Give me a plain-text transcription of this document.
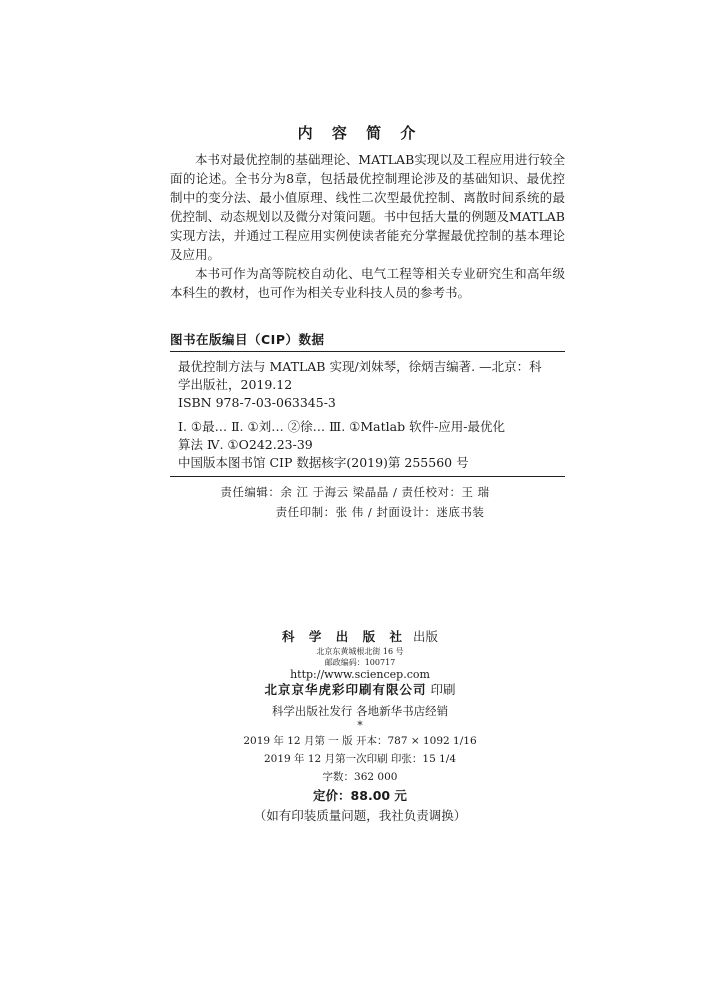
内 容 简 介

本书对最优控制的基础理论、MATLAB实现以及工程应用进行较全面的论述。全书分为8章，包括最优控制理论涉及的基础知识、最优控制中的变分法、最小值原理、线性二次型最优控制、离散时间系统的最优控制、动态规划以及微分对策问题。书中包括大量的例题及MATLAB实现方法，并通过工程应用实例使读者能充分掌握最优控制的基本理论及应用。

本书可作为高等院校自动化、电气工程等相关专业研究生和高年级本科生的教材，也可作为相关专业科技人员的参考书。

图书在版编目（CIP）数据
最优控制方法与 MATLAB 实现/刘妹琴，徐炳吉编著. —北京：科
学出版社，2019.12
ISBN 978-7-03-063345-3
Ⅰ. ①最… Ⅱ. ①刘… ②徐… Ⅲ. ①Matlab 软件-应用-最优化
算法 Ⅳ. ①O242.23-39
中国版本图书馆 CIP 数据核字(2019)第 255560 号
责任编辑：余 江 于海云 梁晶晶 / 责任校对：王 瑞
责任印制：张 伟 / 封面设计：迷底书装
科 学 出 版 社 出版
北京东黄城根北街 16 号
邮政编码：100717
http://www.sciencep.com
北京京华虎彩印刷有限公司 印刷
科学出版社发行 各地新华书店经销
*
2019 年 12 月第 一 版 开本：787 × 1092 1/16
2019 年 12 月第一次印刷 印张：15 1/4
字数：362 000
定价：88.00 元
（如有印装质量问题，我社负责调换）
